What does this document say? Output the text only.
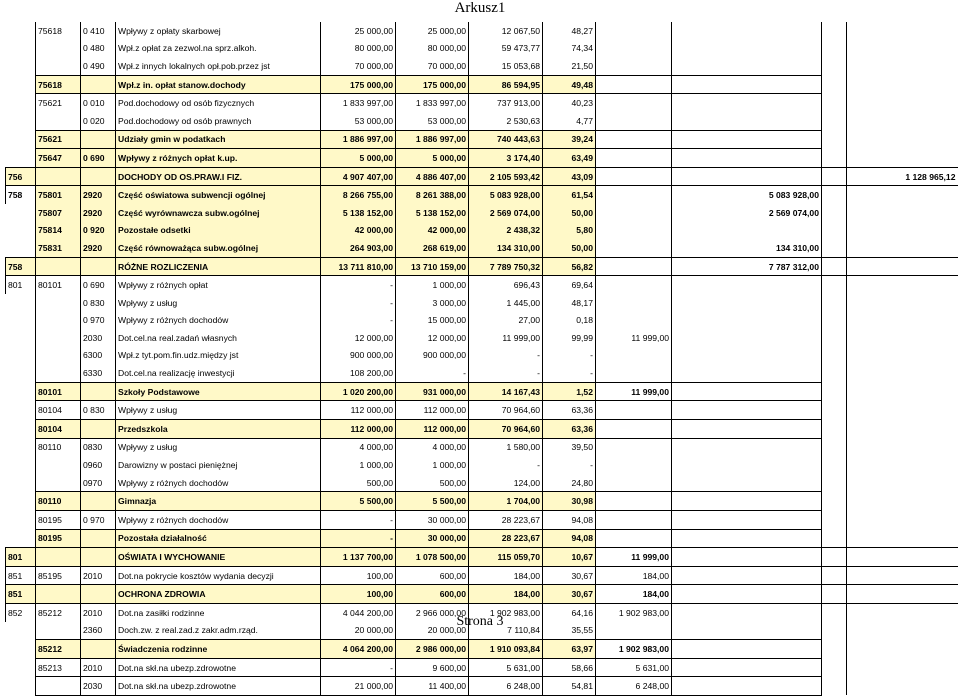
Arkusz1
	75618	0 410	Wpływy z opłaty skarbowej	25 000,00	25 000,00	12 067,50	48,27				
		0 480	Wpł.z opłat za zezwol.na sprz.alkoh.	80 000,00	80 000,00	59 473,77	74,34				
		0 490	Wpł.z innych lokalnych opł.pob.przez jst	70 000,00	70 000,00	15 053,68	21,50				
	75618		Wpł.z in. opłat stanow.dochody	175 000,00	175 000,00	86 594,95	49,48				
	75621	0 010	Pod.dochodowy od osób fizycznych	1 833 997,00	1 833 997,00	737 913,00	40,23				
		0 020	Pod.dochodowy od osób prawnych	53 000,00	53 000,00	2 530,63	4,77				
	75621		Udziały gmin w podatkach	1 886 997,00	1 886 997,00	740 443,63	39,24				
	75647	0 690	Wpływy z różnych opłat k.up.	5 000,00	5 000,00	3 174,40	63,49				
756			DOCHODY OD OS.PRAW.I FIZ.	4 907 407,00	4 886 407,00	2 105 593,42	43,09				1 128 965,12
758	75801	2920	Część oświatowa subwencji ogólnej	8 266 755,00	8 261 388,00	5 083 928,00	61,54		5 083 928,00		
	75807	2920	Część wyrównawcza subw.ogólnej	5 138 152,00	5 138 152,00	2 569 074,00	50,00		2 569 074,00		
	75814	0 920	Pozostałe odsetki	42 000,00	42 000,00	2 438,32	5,80				
	75831	2920	Część równoważąca subw.ogólnej	264 903,00	268 619,00	134 310,00	50,00		134 310,00		
758			RÓŻNE ROZLICZENIA	13 711 810,00	13 710 159,00	7 789 750,32	56,82		7 787 312,00		
801	80101	0 690	Wpływy z różnych opłat	-	1 000,00	696,43	69,64				
		0 830	Wpływy z usług	-	3 000,00	1 445,00	48,17				
		0 970	Wpływy z różnych dochodów	-	15 000,00	27,00	0,18				
		2030	Dot.cel.na real.zadań własnych	12 000,00	12 000,00	11 999,00	99,99	11 999,00			
		6300	Wpł.z tyt.pom.fin.udz.między jst	900 000,00	900 000,00	-	-				
		6330	Dot.cel.na realizację inwestycji	108 200,00	-	-	-				
	80101		Szkoły Podstawowe	1 020 200,00	931 000,00	14 167,43	1,52	11 999,00			
	80104	0 830	Wpływy z usług	112 000,00	112 000,00	70 964,60	63,36				
	80104		Przedszkola	112 000,00	112 000,00	70 964,60	63,36				
	80110	0830	Wpływy z usług	4 000,00	4 000,00	1 580,00	39,50				
		0960	Darowizny w postaci pieniężnej	1 000,00	1 000,00	-	-				
		0970	Wpływy z różnych dochodów	500,00	500,00	124,00	24,80				
	80110		Gimnazja	5 500,00	5 500,00	1 704,00	30,98				
	80195	0 970	Wpływy z różnych dochodów	-	30 000,00	28 223,67	94,08				
	80195		Pozostała działalność	-	30 000,00	28 223,67	94,08				
801			OŚWIATA I WYCHOWANIE	1 137 700,00	1 078 500,00	115 059,70	10,67	11 999,00			
851	85195	2010	Dot.na pokrycie kosztów wydania decyzji	100,00	600,00	184,00	30,67	184,00			
851			OCHRONA ZDROWIA	100,00	600,00	184,00	30,67	184,00			
852	85212	2010	Dot.na zasiłki rodzinne	4 044 200,00	2 966 000,00	1 902 983,00	64,16	1 902 983,00			
		2360	Doch.zw. z real.zad.z zakr.adm.rząd.	20 000,00	20 000,00	7 110,84	35,55				
	85212		Świadczenia rodzinne	4 064 200,00	2 986 000,00	1 910 093,84	63,97	1 902 983,00			
	85213	2010	Dot.na skł.na ubezp.zdrowotne	-	9 600,00	5 631,00	58,66	5 631,00			
		2030	Dot.na skł.na ubezp.zdrowotne	21 000,00	11 400,00	6 248,00	54,81	6 248,00			
Strona 3
